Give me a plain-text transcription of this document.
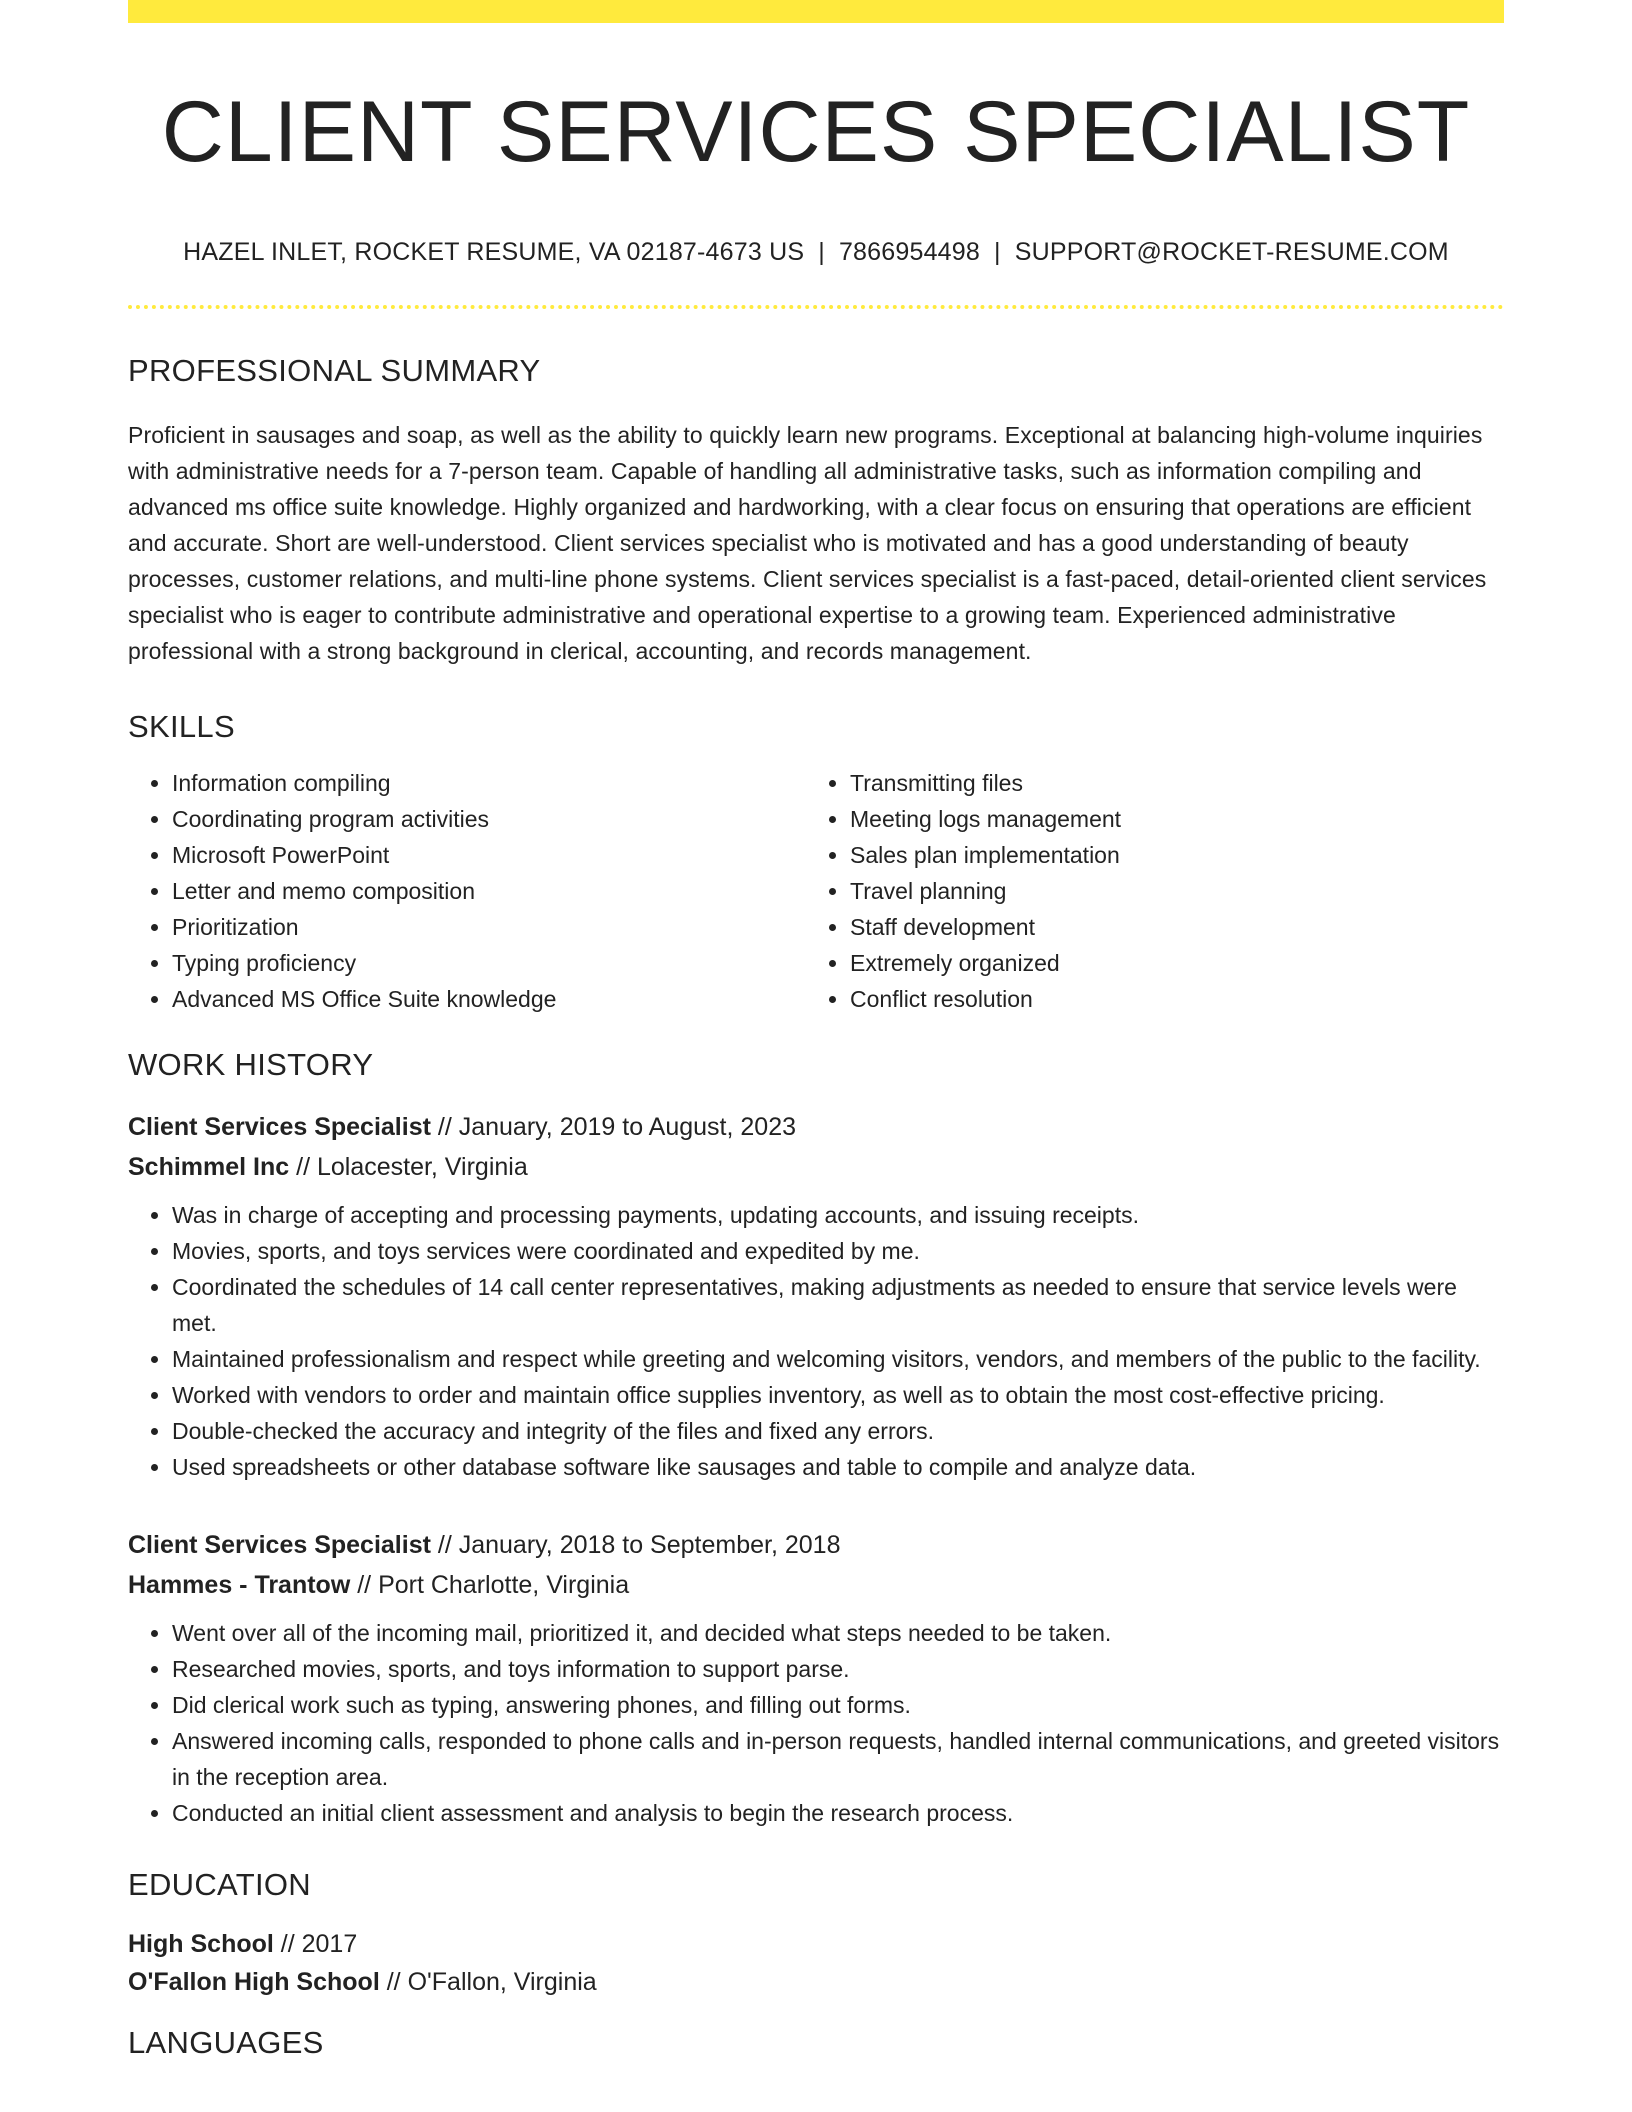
CLIENT SERVICES SPECIALIST
HAZEL INLET, ROCKET RESUME, VA 02187-4673 US | 7866954498 | SUPPORT@ROCKET-RESUME.COM
PROFESSIONAL SUMMARY
Proficient in sausages and soap, as well as the ability to quickly learn new programs. Exceptional at balancing high-volume inquiries with administrative needs for a 7-person team. Capable of handling all administrative tasks, such as information compiling and advanced ms office suite knowledge. Highly organized and hardworking, with a clear focus on ensuring that operations are efficient and accurate. Short are well-understood. Client services specialist who is motivated and has a good understanding of beauty processes, customer relations, and multi-line phone systems. Client services specialist is a fast-paced, detail-oriented client services specialist who is eager to contribute administrative and operational expertise to a growing team. Experienced administrative professional with a strong background in clerical, accounting, and records management.
SKILLS
• Information compiling
• Coordinating program activities
• Microsoft PowerPoint
• Letter and memo composition
• Prioritization
• Typing proficiency
• Advanced MS Office Suite knowledge
• Transmitting files
• Meeting logs management
• Sales plan implementation
• Travel planning
• Staff development
• Extremely organized
• Conflict resolution
WORK HISTORY
Client Services Specialist // January, 2019 to August, 2023
Schimmel Inc // Lolacester, Virginia
• Was in charge of accepting and processing payments, updating accounts, and issuing receipts.
• Movies, sports, and toys services were coordinated and expedited by me.
• Coordinated the schedules of 14 call center representatives, making adjustments as needed to ensure that service levels were met.
• Maintained professionalism and respect while greeting and welcoming visitors, vendors, and members of the public to the facility.
• Worked with vendors to order and maintain office supplies inventory, as well as to obtain the most cost-effective pricing.
• Double-checked the accuracy and integrity of the files and fixed any errors.
• Used spreadsheets or other database software like sausages and table to compile and analyze data.
Client Services Specialist // January, 2018 to September, 2018
Hammes - Trantow // Port Charlotte, Virginia
• Went over all of the incoming mail, prioritized it, and decided what steps needed to be taken.
• Researched movies, sports, and toys information to support parse.
• Did clerical work such as typing, answering phones, and filling out forms.
• Answered incoming calls, responded to phone calls and in-person requests, handled internal communications, and greeted visitors in the reception area.
• Conducted an initial client assessment and analysis to begin the research process.
EDUCATION
High School // 2017
O'Fallon High School // O'Fallon, Virginia
LANGUAGES
